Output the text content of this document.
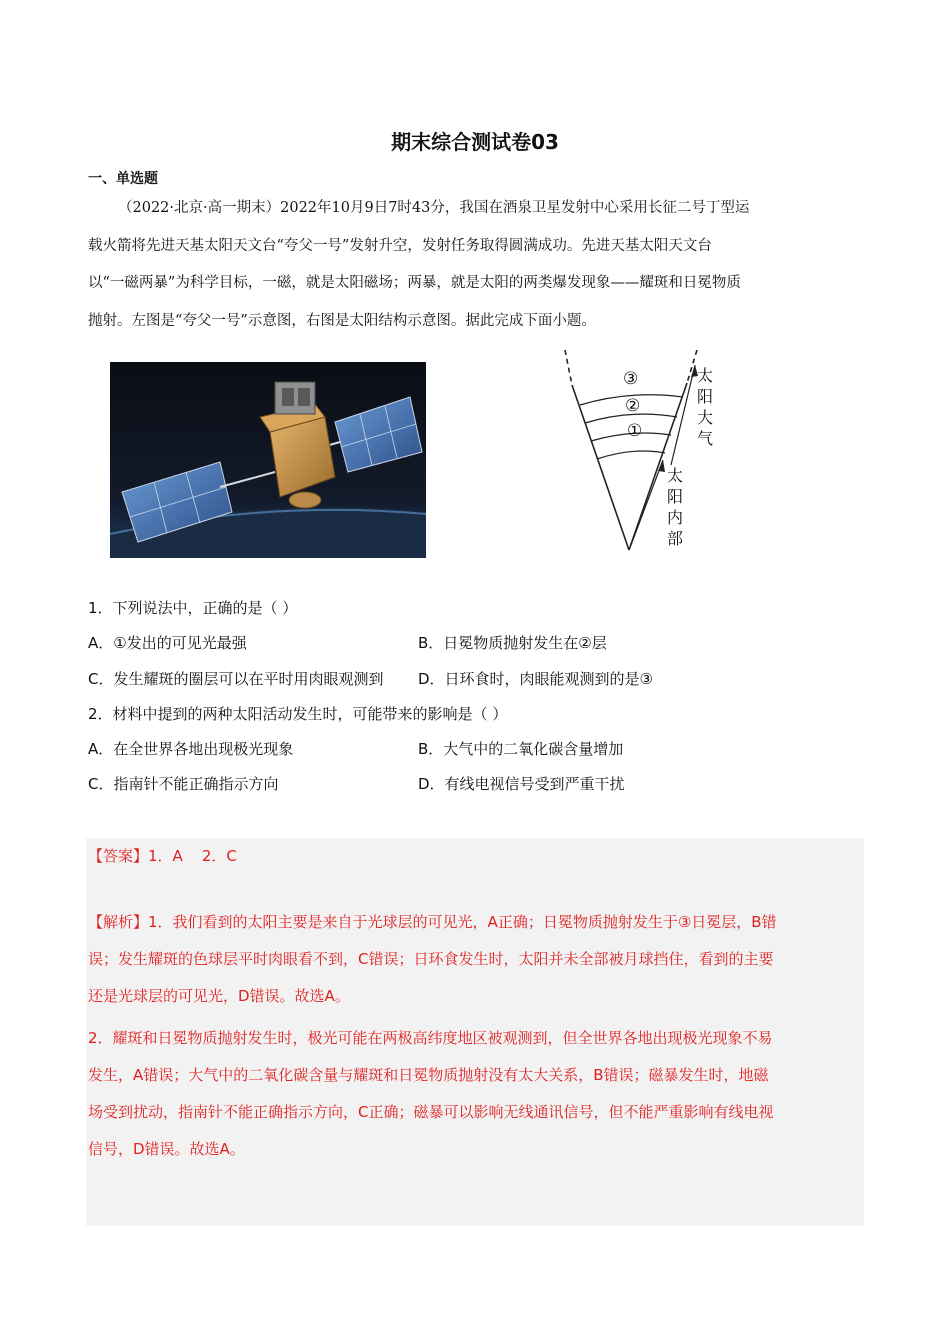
期末综合测试卷03
一、单选题

（2022·北京·高一期末）2022年10月9日7时43分，我国在酒泉卫星发射中心采用长征二号丁型运

载火箭将先进天基太阳天文台“夸父一号”发射升空，发射任务取得圆满成功。先进天基太阳天文台

以“一磁两暴”为科学目标，一磁，就是太阳磁场；两暴，就是太阳的两类爆发现象——耀斑和日冕物质

抛射。左图是“夸父一号”示意图，右图是太阳结构示意图。据此完成下面小题。

③
②
①
太
阳
大
气
太
阳
内
部
1．下列说法中，正确的是（ ）
A．①发出的可见光最强	B．日冕物质抛射发生在②层
C．发生耀斑的圈层可以在平时用肉眼观测到 D．日环食时，肉眼能观测到的是③
2．材料中提到的两种太阳活动发生时，可能带来的影响是（ ）
A．在全世界各地出现极光现象	B．大气中的二氧化碳含量增加
C．指南针不能正确指示方向	D．有线电视信号受到严重干扰
【答案】1．A    2．C

【解析】1．我们看到的太阳主要是来自于光球层的可见光，A正确；日冕物质抛射发生于③日冕层，B错

误；发生耀斑的色球层平时肉眼看不到，C错误；日环食发生时，太阳并未全部被月球挡住，看到的主要

还是光球层的可见光，D错误。故选A。

2．耀斑和日冕物质抛射发生时，极光可能在两极高纬度地区被观测到，但全世界各地出现极光现象不易

发生，A错误；大气中的二氧化碳含量与耀斑和日冕物质抛射没有太大关系，B错误；磁暴发生时，地磁

场受到扰动，指南针不能正确指示方向，C正确；磁暴可以影响无线通讯信号，但不能严重影响有线电视

信号，D错误。故选A。
